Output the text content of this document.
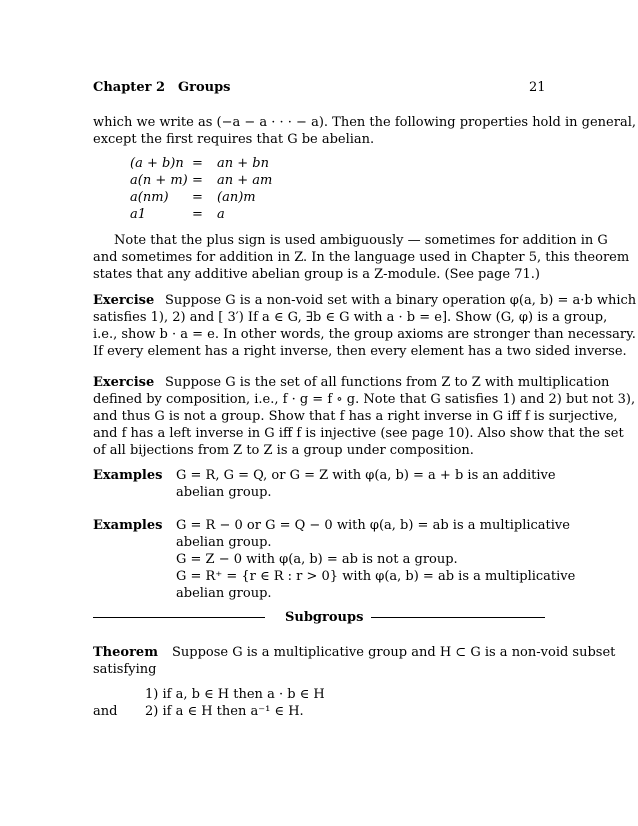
Chapter 2 Groups	21
which we write as (−a − a · · · − a). Then the following properties hold in general,
except the first requires that G be abelian.
(a + b)n = an + bn
a(n + m) = an + am
a(nm) = (an)m
a1	= a
Note that the plus sign is used ambiguously — sometimes for addition in G
and sometimes for addition in Z. In the language used in Chapter 5, this theorem
states that any additive abelian group is a Z-module. (See page 71.)
Exercise Suppose G is a non-void set with a binary operation φ(a, b) = a·b which
satisfies 1), 2) and [ 3′) If a ∈ G, ∃b ∈ G with a · b = e]. Show (G, φ) is a group,
i.e., show b · a = e. In other words, the group axioms are stronger than necessary.
If every element has a right inverse, then every element has a two sided inverse.
Exercise Suppose G is the set of all functions from Z to Z with multiplication
defined by composition, i.e., f · g = f ∘ g. Note that G satisfies 1) and 2) but not 3),
and thus G is not a group. Show that f has a right inverse in G iff f is surjective,
and f has a left inverse in G iff f is injective (see page 10). Also show that the set
of all bijections from Z to Z is a group under composition.
Examples G = R, G = Q, or G = Z with φ(a, b) = a + b is an additive
abelian group.
Examples G = R − 0 or G = Q − 0 with φ(a, b) = ab is a multiplicative
abelian group.
G = Z − 0 with φ(a, b) = ab is not a group.
G = R⁺ = {r ∈ R : r > 0} with φ(a, b) = ab is a multiplicative
abelian group.
Subgroups
Theorem Suppose G is a multiplicative group and H ⊂ G is a non-void subset
satisfying
1) if a, b ∈ H then a · b ∈ H
and 2) if a ∈ H then a⁻¹ ∈ H.
